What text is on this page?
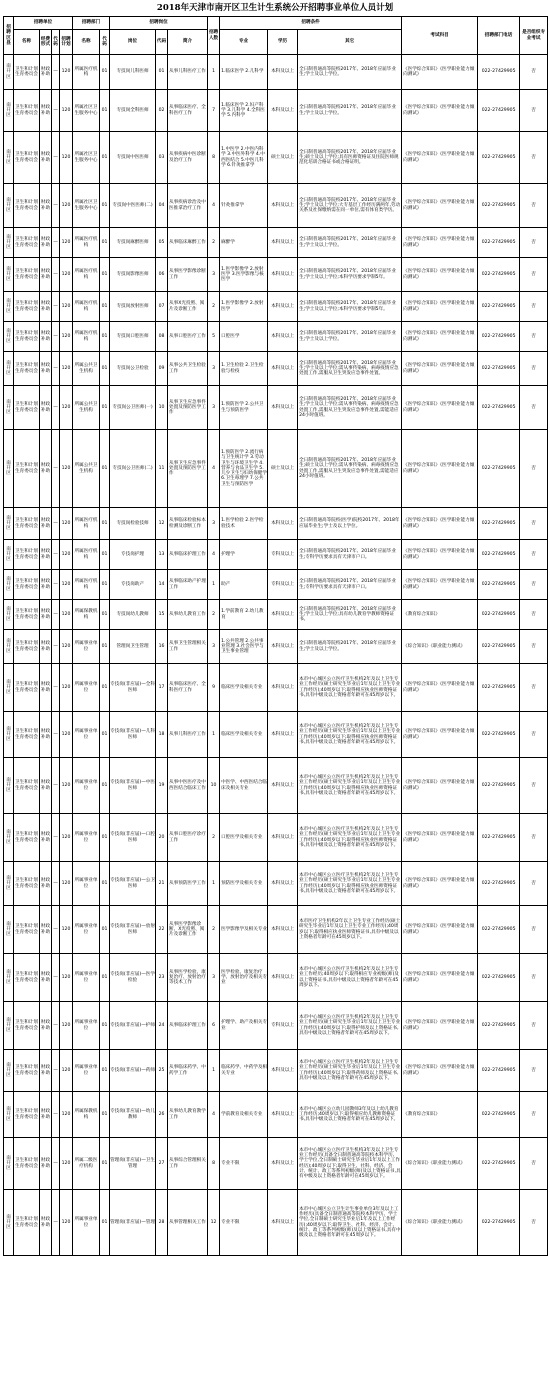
2018年天津市南开区卫生计生系统公开招聘事业单位人员计划
招聘区县	招聘单位				招聘部门		招聘岗位			招聘人数	招聘条件			考试科目	招聘部门电话	是否组织专业考试
	名称	经费形式	代码	招聘计划	名称	代码	岗位	代码	简介		专业	学历	其它			
南开区	卫生和计划生育委员会	财政补助	—	120	所属医疗机构	01	专技岗儿科医师	01	从事儿科医疗工作	1	1.临床医学 2.儿科学	本科及以上	全日制普通高等院校2017年、2018年应届毕业生;学士及以上学位。	《医学综合知识》《医学职业能力倾向测试》	022-27429905	否
南开区	卫生和计划生育委员会	财政补助	—	120	所属社区卫生服务中心	01	专技岗全科医师	02	从事临床医疗、全科医疗工作	7	1.临床医学 2.妇产科学 3.儿科学 4.全科医学 5.内科学	本科及以上	全日制普通高等院校2017年、2018年应届毕业生;学士及以上学位。	《医学综合知识》《医学职业能力倾向测试》	022-27429905	否
南开区	卫生和计划生育委员会	财政补助	—	120	所属社区卫生服务中心	01	专技岗中医医师	03	从事疾病中医诊断及治疗工作	8	1.中医学 2.中医内科学 3.中医外科学 4.中西医结合 5.中医儿科学 6.针灸推拿学	硕士及以上	全日制普通高等院校2017年、2018年应届毕业生;硕士及以上学位;具有医师资格证及住院医师规范化培训合格证书或合格证明。	《医学综合知识》《医学职业能力倾向测试》	022-27429905	否
南开区	卫生和计划生育委员会	财政补助	—	120	所属社区卫生服务中心	01	专技岗中医医师(二)	04	从事疾病诊治及中医推拿治疗工作	4	针灸推拿学	本科及以上	全日制普通高等院校2017年、2018年应届毕业生;学士及以上学位;大专基层工作经历满两年,劳动关系及社保缴纳需在同一单位,需有体育类学历。	《医学综合知识》《医学职业能力倾向测试》	022-27429905	否
南开区	卫生和计划生育委员会	财政补助	—	120	所属医疗机构	01	专技岗麻醉医师	05	从事临床麻醉工作	2	麻醉学	本科及以上	全日制普通高等院校2017年、2018年应届毕业生;学士及以上学位。	《医学综合知识》《医学职业能力倾向测试》	022-27429905	否
南开区	卫生和计划生育委员会	财政补助	—	120	所属医疗机构	01	专技岗影像医师	06	从事医学影像诊断工作	3	1.医学影像学 2.放射医学 3.医学影像与核医学	本科及以上	全日制普通高等院校2017年、2018年应届毕业生;学士及以上学位;本科学历要求学制5年。	《医学综合知识》《医学职业能力倾向测试》	022-27429905	否
南开区	卫生和计划生育委员会	财政补助	—	120	所属医疗机构	01	专技岗放射医师	07	从事X光投照、阅片及诊断工作	2	1.医学影像学 2.放射医学	本科及以上	全日制普通高等院校2017年、2018年应届毕业生;学士及以上学位;本科学历要求学制5年。	《医学综合知识》《医学职业能力倾向测试》	022-27429905	否
南开区	卫生和计划生育委员会	财政补助	—	120	所属医疗机构	01	专技岗口腔医师	08	从事口腔医疗工作	5	口腔医学	本科及以上	全日制普通高等院校2017年、2018年应届毕业生;学士及以上学位。	《医学综合知识》《医学职业能力倾向测试》	022-27429905	否
南开区	卫生和计划生育委员会	财政补助	—	120	所属公共卫生机构	01	专技岗公卫检验	09	从事公共卫生检验工作	3	1.卫生检验 2.卫生检验与检疫	本科及以上	全日制普通高等院校2017年、2018年应届毕业生;学士及以上学位;需从事传染病、病毒疫情应急处置工作,需服从卫生突发应急事件处置。	《医学综合知识》《医学职业能力倾向测试》	022-27429905	否
南开区	卫生和计划生育委员会	财政补助	—	120	所属公共卫生机构	01	专技岗公卫医师(一)	10	从事卫生应急事件处置及预防医学工作	3	1.预防医学 2.公共卫生与预防医学	本科及以上	全日制普通高等院校2017年、2018年应届毕业生;学士及以上学位;需从事传染病、病毒疫情应急处置工作,需服从卫生突发应急事件处置,需能适应24小时值班。	《医学综合知识》《医学职业能力倾向测试》	022-27429905	否
南开区	卫生和计划生育委员会	财政补助	—	120	所属公共卫生机构	01	专技岗公卫医师(二)	11	从事卫生应急事件处置及预防医学工作	4	1.预防医学 2.流行病与卫生统计学 3.劳动卫生与环境卫生学 4.营养与食品卫生学 5.儿少卫生与妇幼保健学 6.卫生毒理学 7.公共卫生与预防医学	硕士及以上	全日制普通高等院校2017年、2018年应届毕业生;硕士及以上学位;需从事传染病、病毒疫情应急处置工作,需服从卫生突发应急事件处置,需能适应24小时值班。	《医学综合知识》《医学职业能力倾向测试》	022-27429905	否
南开区	卫生和计划生育委员会	财政补助	—	120	所属医疗机构	01	专技岗检验技师	12	从事临床检验标本检测及诊断工作	3	1.医学检验 2.医学检验技术	本科及以上	全日制普通高等院校(医学)院校2017年、2018年应届毕业生;学士及以上学位。	《医学综合知识》《医学职业能力倾向测试》	022-27429905	否
南开区	卫生和计划生育委员会	财政补助	—	120	所属医疗机构	01	专技岗护理	13	从事临床护理工作	4	护理学	专科及以上	全日制普通高等院校2017年、2018年应届毕业生;专科学历要求具有天津市户口。	《医学综合知识》《医学职业能力倾向测试》	022-27429905	否
南开区	卫生和计划生育委员会	财政补助	—	120	所属医疗机构	01	专技岗助产	14	从事临床助产护理工作	1	助产	专科及以上	全日制普通高等院校2017年、2018年应届毕业生;专科学历要求具有天津市户口。	《医学综合知识》《医学职业能力倾向测试》	022-27429905	否
南开区	卫生和计划生育委员会	财政补助	—	120	所属保教机构	01	专技岗幼儿教师	15	从事幼儿教育工作	2	1.学前教育 2.幼儿教育	本科及以上	全日制普通高等院校2017年、2018年应届毕业生;学士及以上学位;具有幼儿教育学教师资格证书。	《教育综合知识》	022-27429905	否
南开区	卫生和计划生育委员会	财政补助	—	120	所属事业单位	01	管理岗卫生管理	16	从事卫生管理相关工作	3	1.公共管理 2.公共事业管理 3.社会医学与卫生事业管理	本科及以上	全日制普通高等院校2017年、2018年应届毕业生;学士及以上学位。	《综合知识》《职业能力测试》	022-27429905	否
南开区	卫生和计划生育委员会	财政补助	—	120	所属事业单位	01	专技岗(非应届)—全科医师	17	从事临床医疗、全科医疗工作	9	临床医学及相关专业	本科及以上	本市中心城区公立医疗卫生机构2年及以上卫生专业工作经历(硕士研究生毕业后1年及以上卫生专业工作经历);40周岁以下;取得相应执业医师资格证书,具有中级及以上资格者年龄可在45周岁以下。	《医学综合知识》《医学职业能力倾向测试》	022-27429905	否
南开区	卫生和计划生育委员会	财政补助	—	120	所属事业单位	01	专技岗(非应届)—儿科医师	18	从事儿科医疗工作	1	临床医学及相关专业	本科及以上	本市中心城区公立医疗卫生机构2年及以上卫生专业工作经历(硕士研究生毕业后1年及以上卫生专业工作经历);40周岁以下;取得相应执业医师资格证书,具有中级及以上资格者年龄可在45周岁以下。	《医学综合知识》《医学职业能力倾向测试》	022-27429905	否
南开区	卫生和计划生育委员会	财政补助	—	120	所属事业单位	01	专技岗(非应届)—中医医师	19	从事中医医疗及中西医结合临床工作	10	中医学、中西医结合临床及相关专业	本科及以上	本市中心城区公立医疗卫生机构2年及以上卫生专业工作经历(硕士研究生毕业后1年及以上卫生专业工作经历);40周岁以下;取得相应执业医师资格证书,具有中级及以上资格者年龄可在45周岁以下。	《医学综合知识》《医学职业能力倾向测试》	022-27429905	否
南开区	卫生和计划生育委员会	财政补助	—	120	所属事业单位	01	专技岗(非应届)—口腔医师	20	从事口腔医疗诊疗工作	2	口腔医学及相关专业	本科及以上	本市中心城区公立医疗卫生机构2年及以上卫生专业工作经历(硕士研究生毕业后1年及以上卫生专业工作经历);40周岁以下;取得相应执业医师资格证书,具有中级及以上资格者年龄可在45周岁以下。	《医学综合知识》《医学职业能力倾向测试》	022-27429905	否
南开区	卫生和计划生育委员会	财政补助	—	120	所属事业单位	01	专技岗(非应届)—公卫医师	21	从事预防医学工作	1	预防医学及相关专业	本科及以上	本市中心城区公立医疗卫生机构2年及以上卫生专业工作经历(硕士研究生毕业后1年及以上卫生专业工作经历);40周岁以下;取得相应执业医师资格证书,具有中级及以上资格者年龄可在45周岁以下。	《医学综合知识》《医学职业能力倾向测试》	022-27429905	否
南开区	卫生和计划生育委员会	财政补助	—	120	所属事业单位	01	专技岗(非应届)—放射医师	22	从事医学影像诊断、X光投照、阅片及诊断工作	2	医学影像学及相关专业	本科及以上	本市医疗卫生机构2年以上卫生专业工作经历(硕士研究生毕业后1年及以上卫生专业工作经历);40周岁以下;取得相应执业医师资格证书,具有中级及以上资格者年龄可在45周岁以下。	《医学综合知识》《医学职业能力倾向测试》	022-27429905	否
南开区	卫生和计划生育委员会	财政补助	—	120	所属事业单位	01	专技岗(非应届)—医学检验	23	从事医学检验、康复治疗、放射治疗等技术工作	3	医学检验、康复治疗学、放射治疗及相关专业	本科及以上	本市中心城区公立医疗卫生机构2年及以上卫生专业工作经历;40周岁以下;取得相应专业初级(师)及以上资格证书,具有中级及以上资格者年龄可在45周岁以下。	《医学综合知识》《医学职业能力倾向测试》	022-27429905	否
南开区	卫生和计划生育委员会	财政补助	—	120	所属事业单位	01	专技岗(非应届)—护师	24	从事临床护理工作	6	护理学、助产及相关专业	专科及以上	本市中心城区公立医疗卫生机构2年及以上卫生专业工作经历(硕士研究生毕业后1年及以上卫生专业工作经历);40周岁以下;取得护师及以上资格证书,具有中级及以上资格者年龄可在45周岁以下。	《医学综合知识》《医学职业能力倾向测试》	022-27429905	否
南开区	卫生和计划生育委员会	财政补助	—	120	所属事业单位	01	专技岗(非应届)—药师	25	从事临床药学、中药学工作	1	临床药学、中药学及相关专业	本科及以上	本市中心城区公立医疗卫生机构2年及以上卫生专业工作经历(硕士研究生毕业后1年及以上卫生专业工作经历);40周岁以下;取得药师及以上资格证书,具有中级及以上资格者年龄可在45周岁以下。	《医学综合知识》《医学职业能力倾向测试》	022-27429905	否
南开区	卫生和计划生育委员会	财政补助	—	120	所属保教机构	01	专技岗(非应届)—幼儿教师	26	从事幼儿教育教学工作	4	学前教育及相关专业	本科及以上	本市中心城区公立幼儿园教师3年及以上幼儿教育工作经历;40周岁以下;取得相应幼儿教师资格证书,具有中级及以上资格者年龄可在45周岁以下。	《教育综合知识》	022-27429905	否
南开区	卫生和计划生育委员会	财政补助	—	120	所属二级医疗机构	01	管理岗(非应届)—卫生管理	27	从事综合管理相关工作	8	专业不限	本科及以上	本市中心城区公立医疗卫生机构3年及以上卫生专业工作经历(具备全日制普通高等院校本科学历、学士学位,全日制硕士研究生毕业后1年及以上工作经历);40周岁以下;取得卫生、社科、经济、会计、统计、政工等系列初级(师)及以上资格证书,具有中级及以上资格者年龄可在45周岁以下。	《综合知识》《职业能力测试》	022-27429905	否
南开区	卫生和计划生育委员会	财政补助	—	120	所属事业单位	01	管理岗(非应届)—管理	28	从事管理相关工作	12	专业不限	本科及以上	本市中心城区公立卫生计生事业单位3年及以上工作经历(具备全日制普通高等院校本科学历、学士学位,全日制硕士研究生毕业后1年及以上工作经历);40周岁以下;取得卫生、社科、经济、会计、统计、政工等系列初级(师)及以上资格证书,具有中级及以上资格者年龄可在45周岁以下。	《综合知识》《职业能力测试》	022-27429905	否
